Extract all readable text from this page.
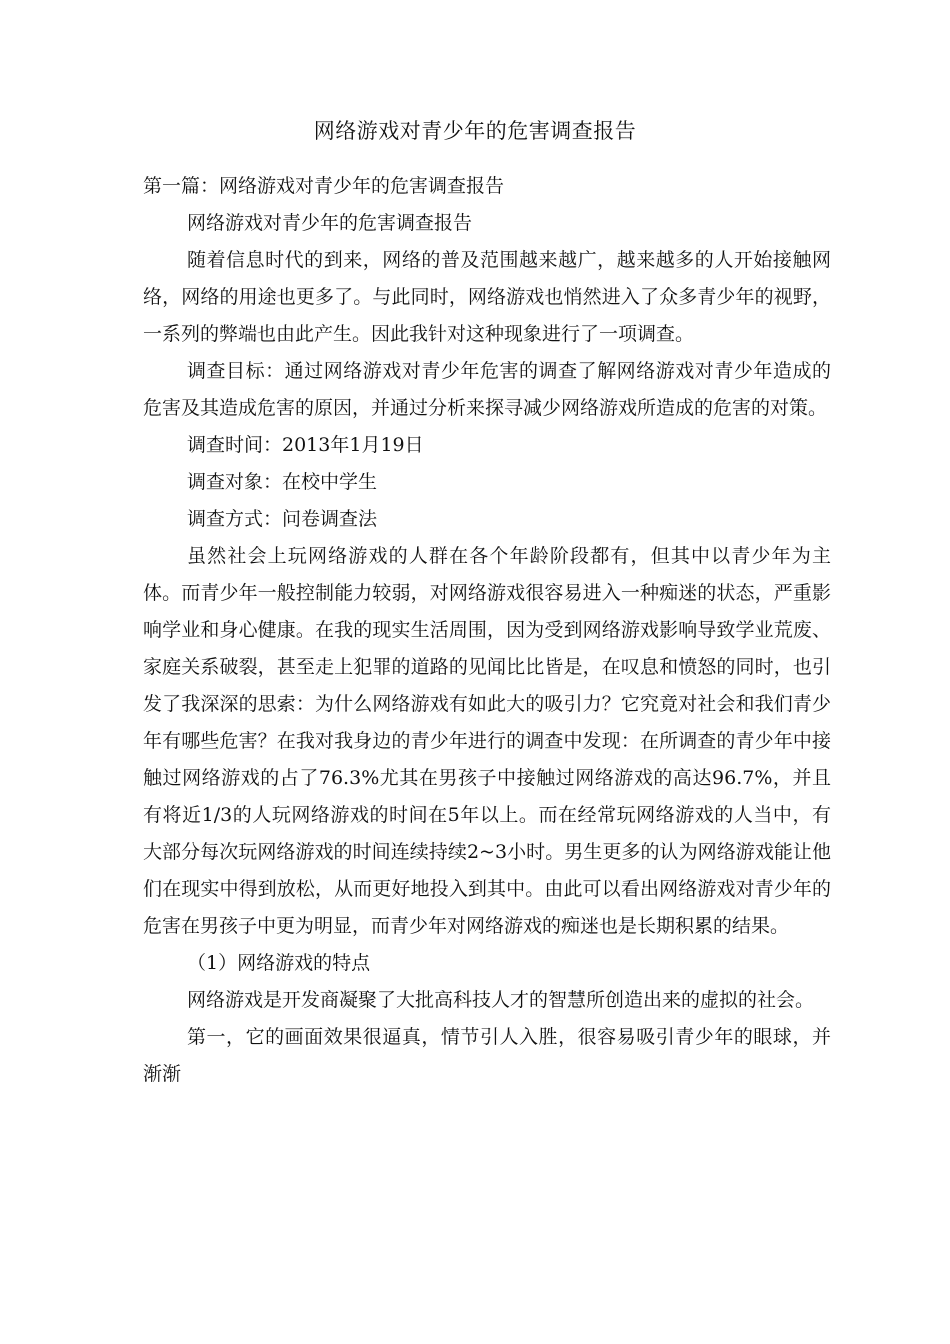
网络游戏对青少年的危害调查报告

第一篇：网络游戏对青少年的危害调查报告

网络游戏对青少年的危害调查报告

随着信息时代的到来，网络的普及范围越来越广，越来越多的人开始接触网络，网络的用途也更多了。与此同时，网络游戏也悄然进入了众多青少年的视野，一系列的弊端也由此产生。因此我针对这种现象进行了一项调查。

调查目标：通过网络游戏对青少年危害的调查了解网络游戏对青少年造成的危害及其造成危害的原因，并通过分析来探寻减少网络游戏所造成的危害的对策。

调查时间：2013年1月19日

调查对象：在校中学生

调查方式：问卷调查法

虽然社会上玩网络游戏的人群在各个年龄阶段都有，但其中以青少年为主体。而青少年一般控制能力较弱，对网络游戏很容易进入一种痴迷的状态，严重影响学业和身心健康。在我的现实生活周围，因为受到网络游戏影响导致学业荒废、家庭关系破裂，甚至走上犯罪的道路的见闻比比皆是，在叹息和愤怒的同时，也引发了我深深的思索：为什么网络游戏有如此大的吸引力？它究竟对社会和我们青少年有哪些危害？在我对我身边的青少年进行的调查中发现：在所调查的青少年中接触过网络游戏的占了76.3%尤其在男孩子中接触过网络游戏的高达96.7%，并且有将近1/3的人玩网络游戏的时间在5年以上。而在经常玩网络游戏的人当中，有大部分每次玩网络游戏的时间连续持续2~3小时。男生更多的认为网络游戏能让他们在现实中得到放松，从而更好地投入到其中。由此可以看出网络游戏对青少年的危害在男孩子中更为明显，而青少年对网络游戏的痴迷也是长期积累的结果。

（1）网络游戏的特点

网络游戏是开发商凝聚了大批高科技人才的智慧所创造出来的虚拟的社会。

第一，它的画面效果很逼真，情节引人入胜，很容易吸引青少年的眼球，并渐渐
